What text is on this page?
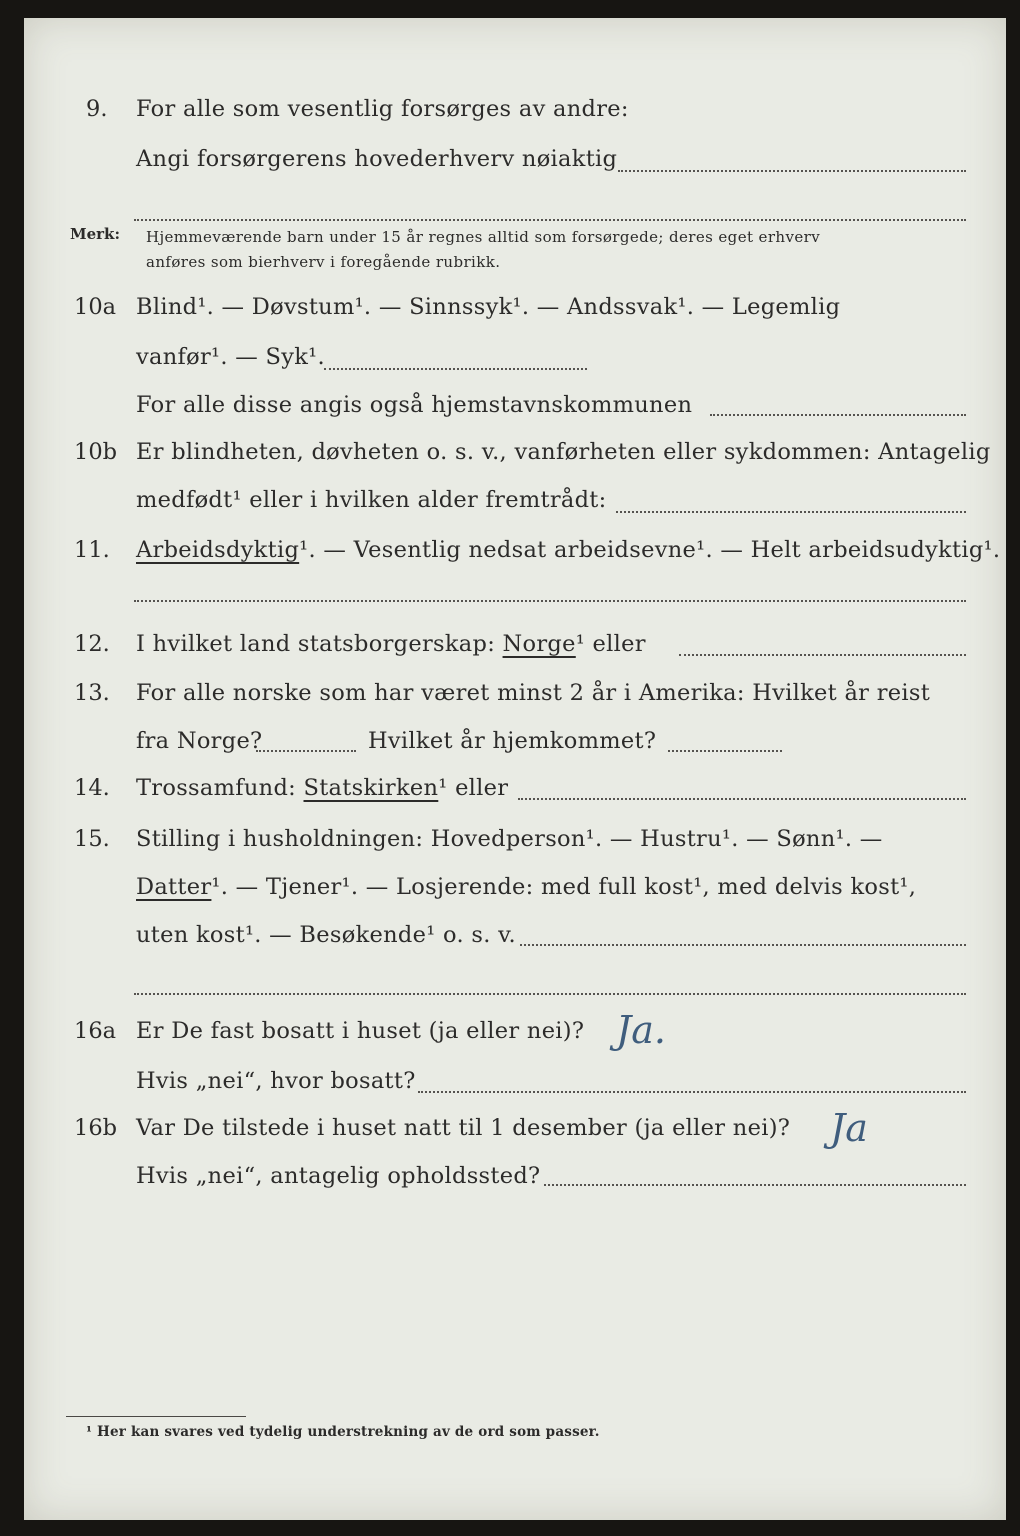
9. For alle som vesentlig forsørges av andre:
Angi forsørgerens hovederhverv nøiaktig
Merk: Hjemmeværende barn under 15 år regnes alltid som forsørgede; deres eget erhverv
anføres som bierhverv i foregående rubrikk.
10a Blind¹. — Døvstum¹. — Sinnssyk¹. — Andssvak¹. — Legemlig
vanfør¹. — Syk¹.
For alle disse angis også hjemstavnskommunen
10b Er blindheten, døvheten o. s. v., vanførheten eller sykdommen: Antagelig
medfødt¹ eller i hvilken alder fremtrådt:
11. Arbeidsdyktig¹. — Vesentlig nedsat arbeidsevne¹. — Helt arbeidsudyktig¹.
12. I hvilket land statsborgerskap: Norge¹ eller
13. For alle norske som har været minst 2 år i Amerika: Hvilket år reist
fra Norge?	Hvilket år hjemkommet?
14. Trossamfund: Statskirken¹ eller
15. Stilling i husholdningen: Hovedperson¹. — Hustru¹. — Sønn¹. —
Datter¹. — Tjener¹. — Losjerende: med full kost¹, med delvis kost¹,
uten kost¹. — Besøkende¹ o. s. v.
16a Er De fast bosatt i huset (ja eller nei)? Ja.
Hvis „nei“, hvor bosatt?
16b Var De tilstede i huset natt til 1 desember (ja eller nei)? Ja
Hvis „nei“, antagelig opholdssted?
¹ Her kan svares ved tydelig understrekning av de ord som passer.
